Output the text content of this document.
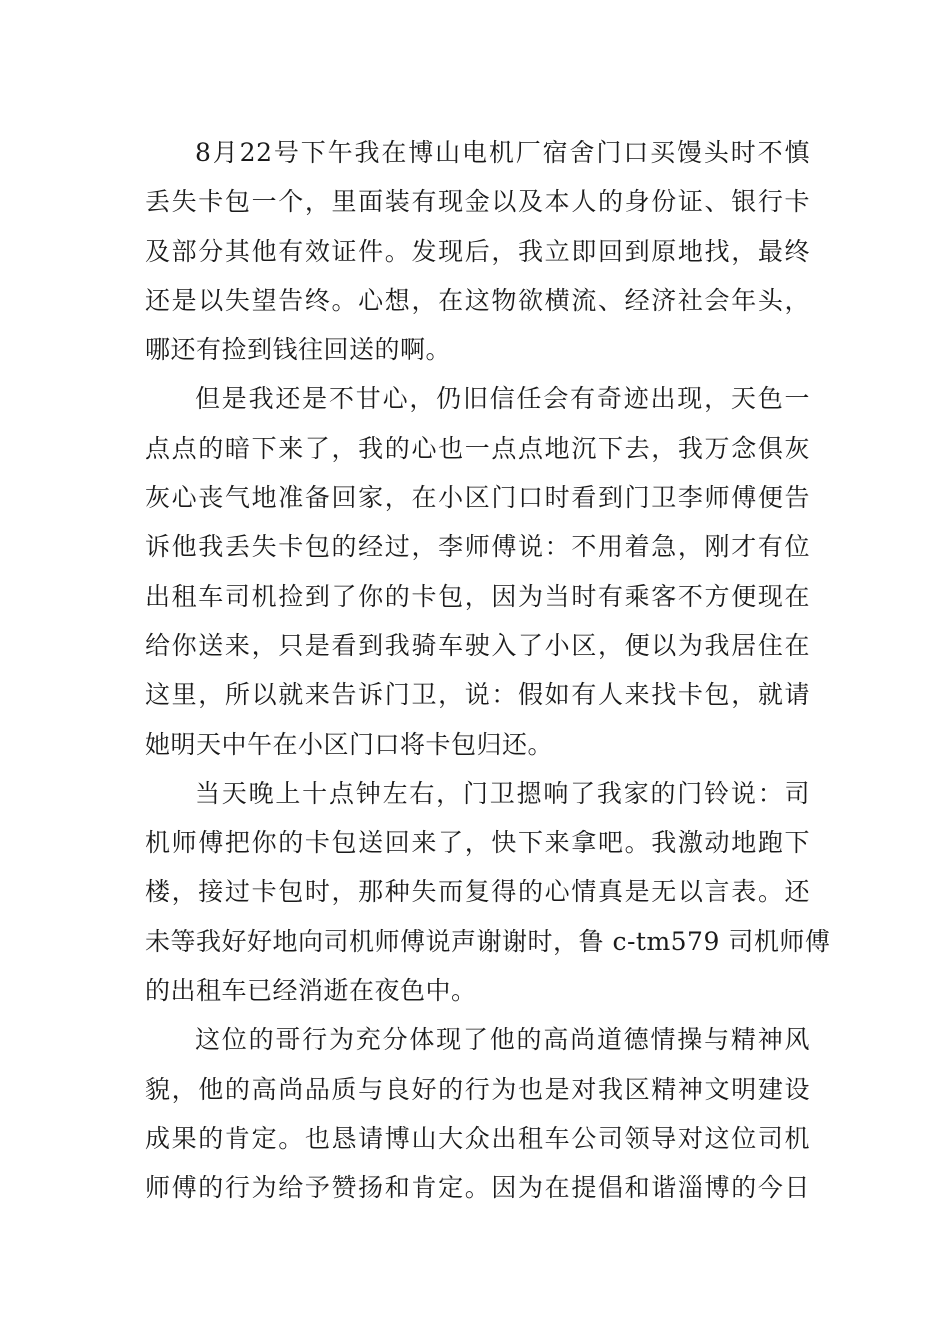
8月22号下午我在博山电机厂宿舍门口买馒头时不慎
丢失卡包一个，里面装有现金以及本人的身份证、银行卡
及部分其他有效证件。发现后，我立即回到原地找，最终
还是以失望告终。心想，在这物欲横流、经济社会年头，
哪还有捡到钱往回送的啊。
但是我还是不甘心，仍旧信任会有奇迹出现，天色一
点点的暗下来了，我的心也一点点地沉下去，我万念俱灰
灰心丧气地准备回家，在小区门口时看到门卫李师傅便告
诉他我丢失卡包的经过，李师傅说：不用着急，刚才有位
出租车司机捡到了你的卡包，因为当时有乘客不方便现在
给你送来，只是看到我骑车驶入了小区，便以为我居住在
这里，所以就来告诉门卫，说：假如有人来找卡包，就请
她明天中午在小区门口将卡包归还。
当天晚上十点钟左右，门卫摁响了我家的门铃说：司
机师傅把你的卡包送回来了，快下来拿吧。我激动地跑下
楼，接过卡包时，那种失而复得的心情真是无以言表。还
未等我好好地向司机师傅说声谢谢时，鲁 c-tm579 司机师傅
的出租车已经消逝在夜色中。
这位的哥行为充分体现了他的高尚道德情操与精神风
貌，他的高尚品质与良好的行为也是对我区精神文明建设
成果的肯定。也恳请博山大众出租车公司领导对这位司机
师傅的行为给予赞扬和肯定。因为在提倡和谐淄博的今日
